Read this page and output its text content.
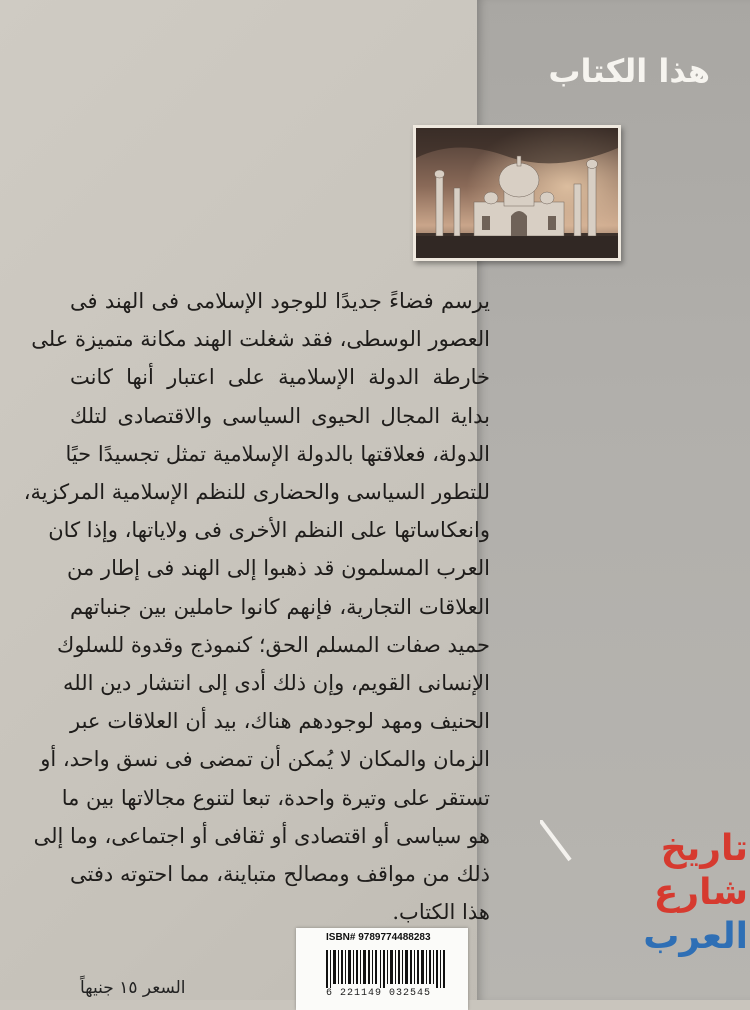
هذا الكتاب
يرسم فضاءً جديدًا للوجود الإسلامى فى الهند فى
العصور الوسطى، فقد شغلت الهند مكانة متميزة على
خارطة الدولة الإسلامية على اعتبار أنها كانت
بداية المجال الحيوى السياسى والاقتصادى لتلك
الدولة، فعلاقتها بالدولة الإسلامية تمثل تجسيدًا حيًا
للتطور السياسى والحضارى للنظم الإسلامية المركزية،
وانعكاساتها على النظم الأخرى فى ولاياتها، وإذا كان
العرب المسلمون قد ذهبوا إلى الهند فى إطار من
العلاقات التجارية، فإنهم كانوا حاملين بين جنباتهم
حميد صفات المسلم الحق؛ كنموذج وقدوة للسلوك
الإنسانى القويم، وإن ذلك أدى إلى انتشار دين الله
الحنيف ومهد لوجودهم هناك، بيد أن العلاقات عبر
الزمان والمكان لا يُمكن أن تمضى فى نسق واحد، أو
تستقر على وتيرة واحدة، تبعا لتنوع مجالاتها بين ما
هو سياسى أو اقتصادى أو ثقافى أو اجتماعى، وما إلى
ذلك من مواقف ومصالح متباينة، مما احتوته دفتى
هذا الكتاب.
تاريخ
شارع
العرب
ISBN# 9789774488283
6 221149 032545
السعر ١٥ جنيهاً
